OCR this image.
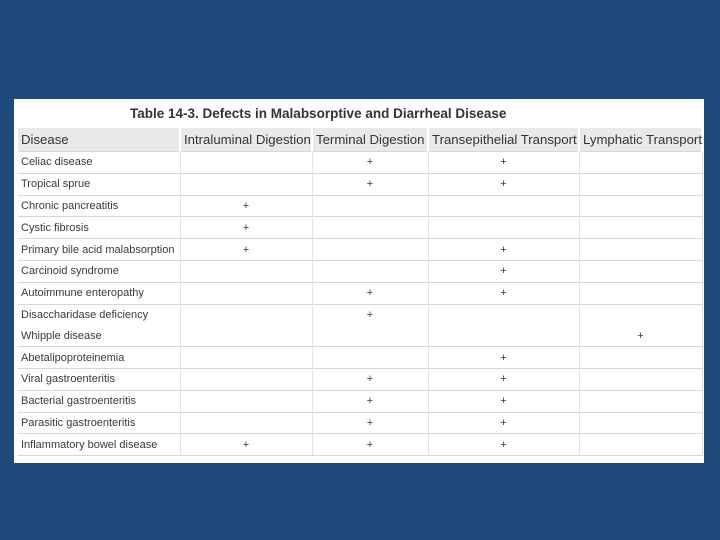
Table 14-3. Defects in Malabsorptive and Diarrheal Disease
Disease	Intraluminal Digestion	Terminal Digestion	Transepithelial Transport	Lymphatic Transport
Celiac disease		+	+	
Tropical sprue		+	+	
Chronic pancreatitis	+			
Cystic fibrosis	+			
Primary bile acid malabsorption	+		+	
Carcinoid syndrome			+	
Autoimmune enteropathy		+	+	
Disaccharidase deficiency		+		
Whipple disease				+
Abetalipoproteinemia			+	
Viral gastroenteritis		+	+	
Bacterial gastroenteritis		+	+	
Parasitic gastroenteritis		+	+	
Inflammatory bowel disease	+	+	+	
